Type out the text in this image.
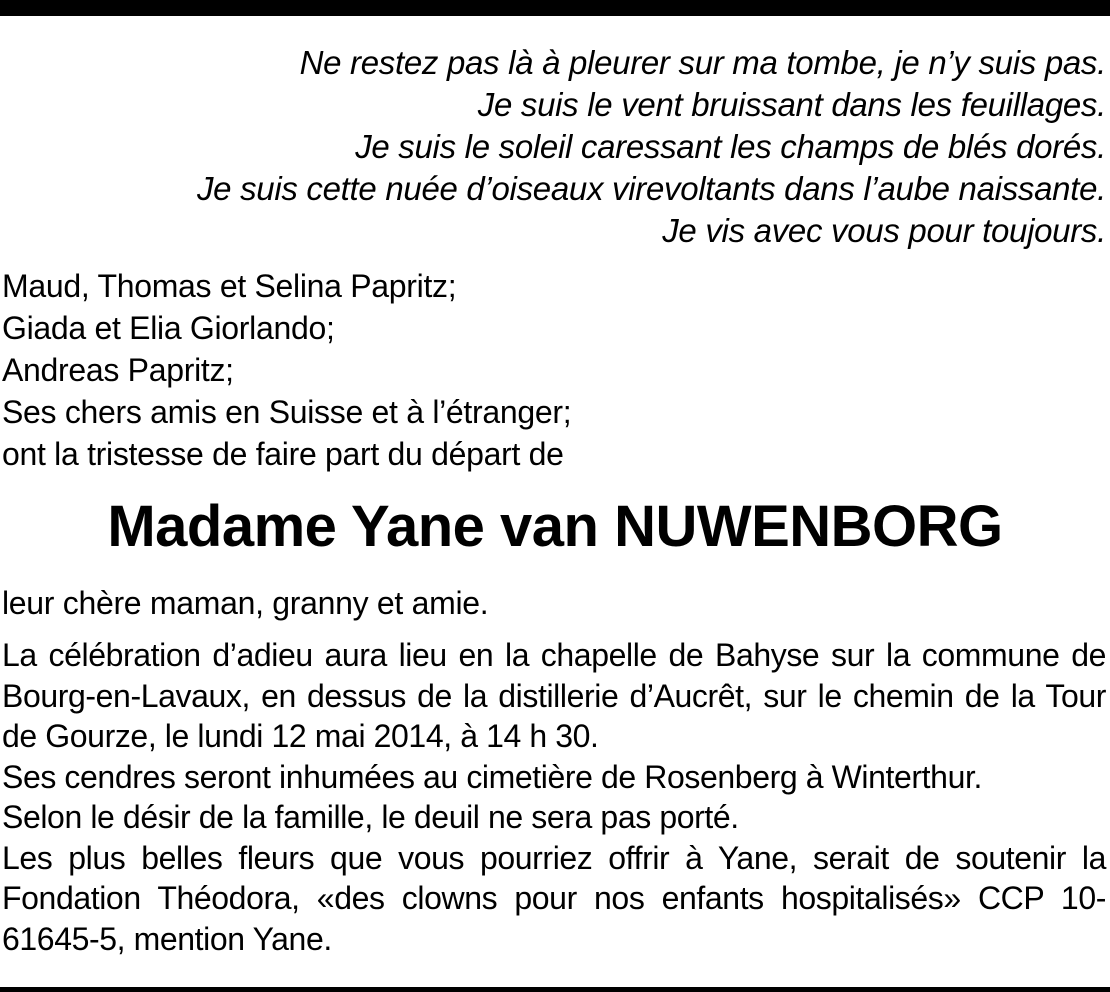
Ne restez pas là à pleurer sur ma tombe, je n’y suis pas.
Je suis le vent bruissant dans les feuillages.
Je suis le soleil caressant les champs de blés dorés.
Je suis cette nuée d’oiseaux virevoltants dans l’aube naissante.
Je vis avec vous pour toujours.
Maud, Thomas et Selina Papritz;
Giada et Elia Giorlando;
Andreas Papritz;
Ses chers amis en Suisse et à l’étranger;
ont la tristesse de faire part du départ de
Madame Yane van NUWENBORG
leur chère maman, granny et amie.

La célébration d’adieu aura lieu en la chapelle de Bahyse sur la commune de Bourg-en-Lavaux, en dessus de la distillerie d’Aucrêt, sur le chemin de la Tour de Gourze, le lundi 12 mai 2014, à 14 h 30.

Ses cendres seront inhumées au cimetière de Rosenberg à Winterthur.

Selon le désir de la famille, le deuil ne sera pas porté.

Les plus belles fleurs que vous pourriez offrir à Yane, serait de soutenir la Fondation Théodora, «des clowns pour nos enfants hospitalisés» CCP 10-61645-5, mention Yane.
